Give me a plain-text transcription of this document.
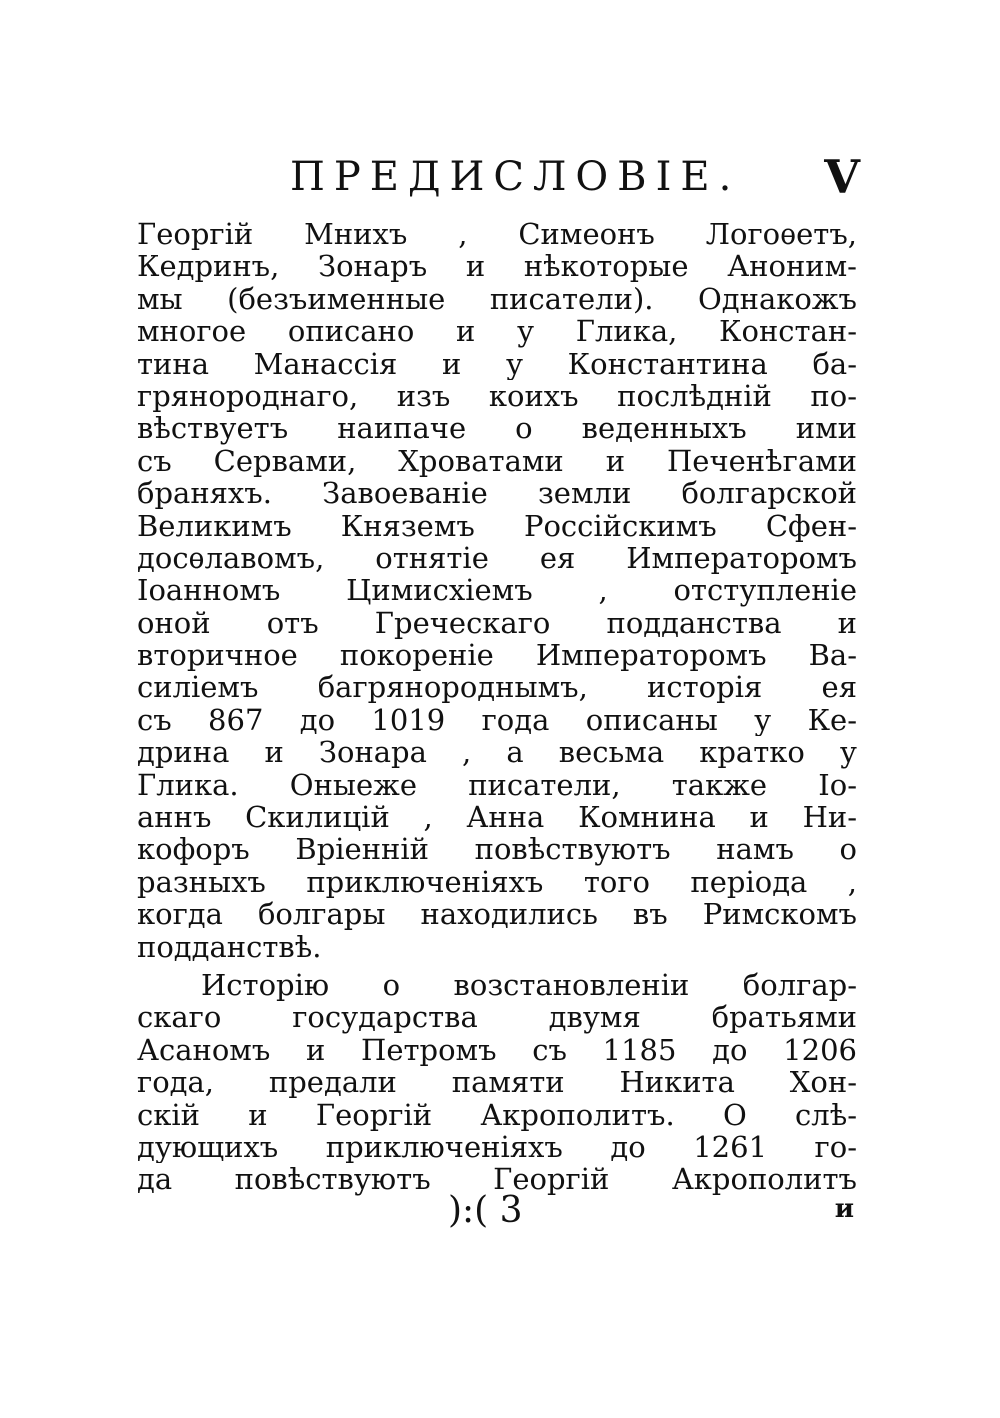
ПРЕДИСЛОВІЕ. V
Георгій Мнихъ , Симеонъ Логоѳетъ,
Кедринъ, Зонаръ и нѣкоторые Аноним-
мы (безъименные писатели). Однакожъ
многое описано и у Глика, Констан-
тина Манассія и у Константина ба-
грянороднаго, изъ коихъ послѣдній по-
вѣствуетъ наипаче о веденныхъ ими
съ Сервами, Хроватами и Печенѣгами
браняхъ. Завоеваніе земли болгарской
Великимъ Княземъ Россійскимъ Сфен-
досѳлавомъ, отнятіе ея Императоромъ
Іоанномъ Цимисхіемъ , отступленіе
оной отъ Греческаго подданства и
вторичное покореніе Императоромъ Ва-
силіемъ багрянороднымъ, исторія ея
съ 867 до 1019 года описаны у Ке-
дрина и Зонара , а весьма кратко у
Глика. Оныеже писатели, также Іо-
аннъ Скилицій , Анна Комнина и Ни-
кофоръ Вріенній повѣствуютъ намъ о
разныхъ приключеніяхъ того періода ,
когда болгары находились въ Римскомъ
подданствѣ.
Исторію о возстановленіи болгар-
скаго государства двумя братьями
Асаномъ и Петромъ съ 1185 до 1206
года, предали памяти Никита Хон-
скій и Георгій Акрополитъ. О слѣ-
дующихъ приключеніяхъ до 1261 го-
да повѣствуютъ Георгій Акрополитъ
):( 3	и
